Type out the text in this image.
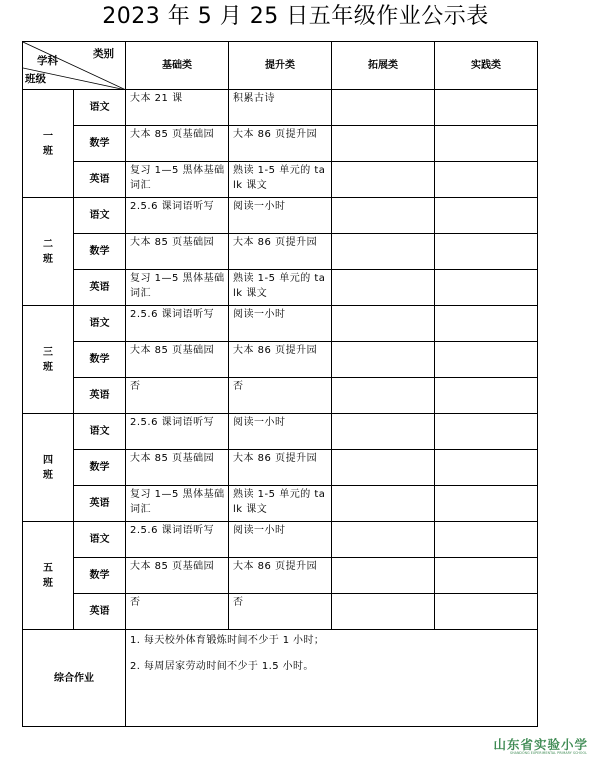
2023 年 5 月 25 日五年级作业公示表
类别
学科
班级		基础类	提升类	拓展类	实践类
一
班	语文	大本 21 课	积累古诗		

	数学	大本 85 页基础园	大本 86 页提升园		

	英语	复习 1—5 黑体基础词汇	熟读 1-5 单元的 talk 课文		

二
班	语文	2.5.6 课词语听写	阅读一小时		

	数学	大本 85 页基础园	大本 86 页提升园		

	英语	复习 1—5 黑体基础词汇	熟读 1-5 单元的 talk 课文		

三
班	语文	2.5.6 课词语听写	阅读一小时		

	数学	大本 85 页基础园	大本 86 页提升园		

	英语	否	否		

四
班	语文	2.5.6 课词语听写	阅读一小时		

	数学	大本 85 页基础园	大本 86 页提升园		

	英语	复习 1—5 黑体基础词汇	熟读 1-5 单元的 talk 课文		

五
班	语文	2.5.6 课词语听写	阅读一小时		

	数学	大本 85 页基础园	大本 86 页提升园		

	英语	否	否		

综合作业		1. 每天校外体育锻炼时间不少于 1 小时；
2. 每周居家劳动时间不少于 1.5 小时。			
山东省实验小学
SHANDONG EXPERIMENTAL PRIMARY SCHOOL
